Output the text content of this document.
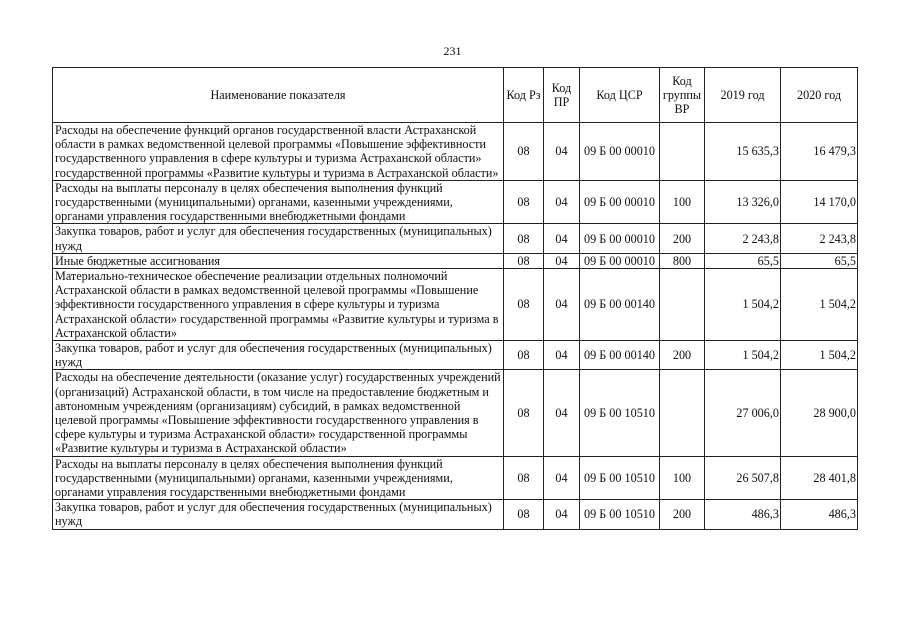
231
Наименование показателя	Код Рз	Код ПР	Код ЦСР	Код группы ВР	2019 год	2020 год
Расходы на обеспечение функций органов государственной власти Астраханской области в рамках ведомственной целевой программы «Повышение эффективности государственного управления в сфере культуры и туризма Астраханской области» государственной программы «Развитие культуры и туризма в Астраханской области»	08	04	09 Б 00 00010		15 635,3	16 479,3
Расходы на выплаты персоналу в целях обеспечения выполнения функций государственными (муниципальными) органами, казенными учреждениями, органами управления государственными внебюджетными фондами	08	04	09 Б 00 00010	100	13 326,0	14 170,0
Закупка товаров, работ и услуг для обеспечения государственных (муниципальных) нужд	08	04	09 Б 00 00010	200	2 243,8	2 243,8
Иные бюджетные ассигнования	08	04	09 Б 00 00010	800	65,5	65,5
Материально-техническое обеспечение реализации отдельных полномочий Астраханской области в рамках ведомственной целевой программы «Повышение эффективности государственного управления в сфере культуры и туризма Астраханской области» государственной программы «Развитие культуры и туризма в Астраханской области»	08	04	09 Б 00 00140		1 504,2	1 504,2
Закупка товаров, работ и услуг для обеспечения государственных (муниципальных) нужд	08	04	09 Б 00 00140	200	1 504,2	1 504,2
Расходы на обеспечение деятельности (оказание услуг) государственных учреждений (организаций) Астраханской области, в том числе на предоставление бюджетным и автономным учреждениям (организациям) субсидий, в рамках ведомственной целевой программы «Повышение эффективности государственного управления в сфере культуры и туризма Астраханской области» государственной программы «Развитие культуры и туризма в Астраханской области»	08	04	09 Б 00 10510		27 006,0	28 900,0
Расходы на выплаты персоналу в целях обеспечения выполнения функций государственными (муниципальными) органами, казенными учреждениями, органами управления государственными внебюджетными фондами	08	04	09 Б 00 10510	100	26 507,8	28 401,8
Закупка товаров, работ и услуг для обеспечения государственных (муниципальных) нужд	08	04	09 Б 00 10510	200	486,3	486,3
